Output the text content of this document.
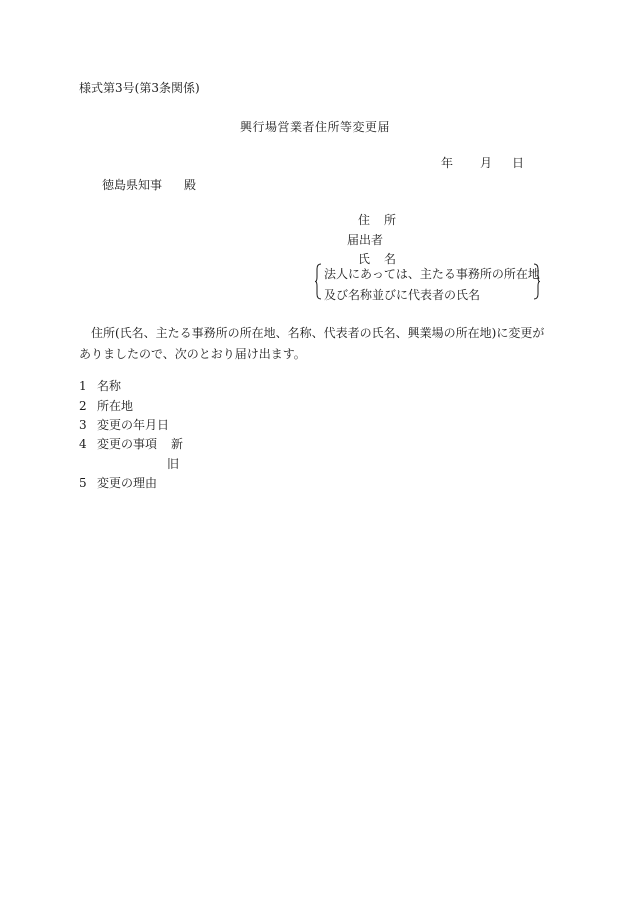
様式第3号(第3条関係)
興行場営業者住所等変更届
年 月 日
徳島県知事 殿
住 所
届出者
氏 名
法人にあっては、主たる事務所の所在地
及び名称並びに代表者の氏名
住所(氏名、主たる事務所の所在地、名称、代表者の氏名、興業場の所在地)に変更がありましたので、次のとおり届け出ます。
1 名称
2 所在地
3 変更の年月日
4 変更の事項 新
旧
5 変更の理由
